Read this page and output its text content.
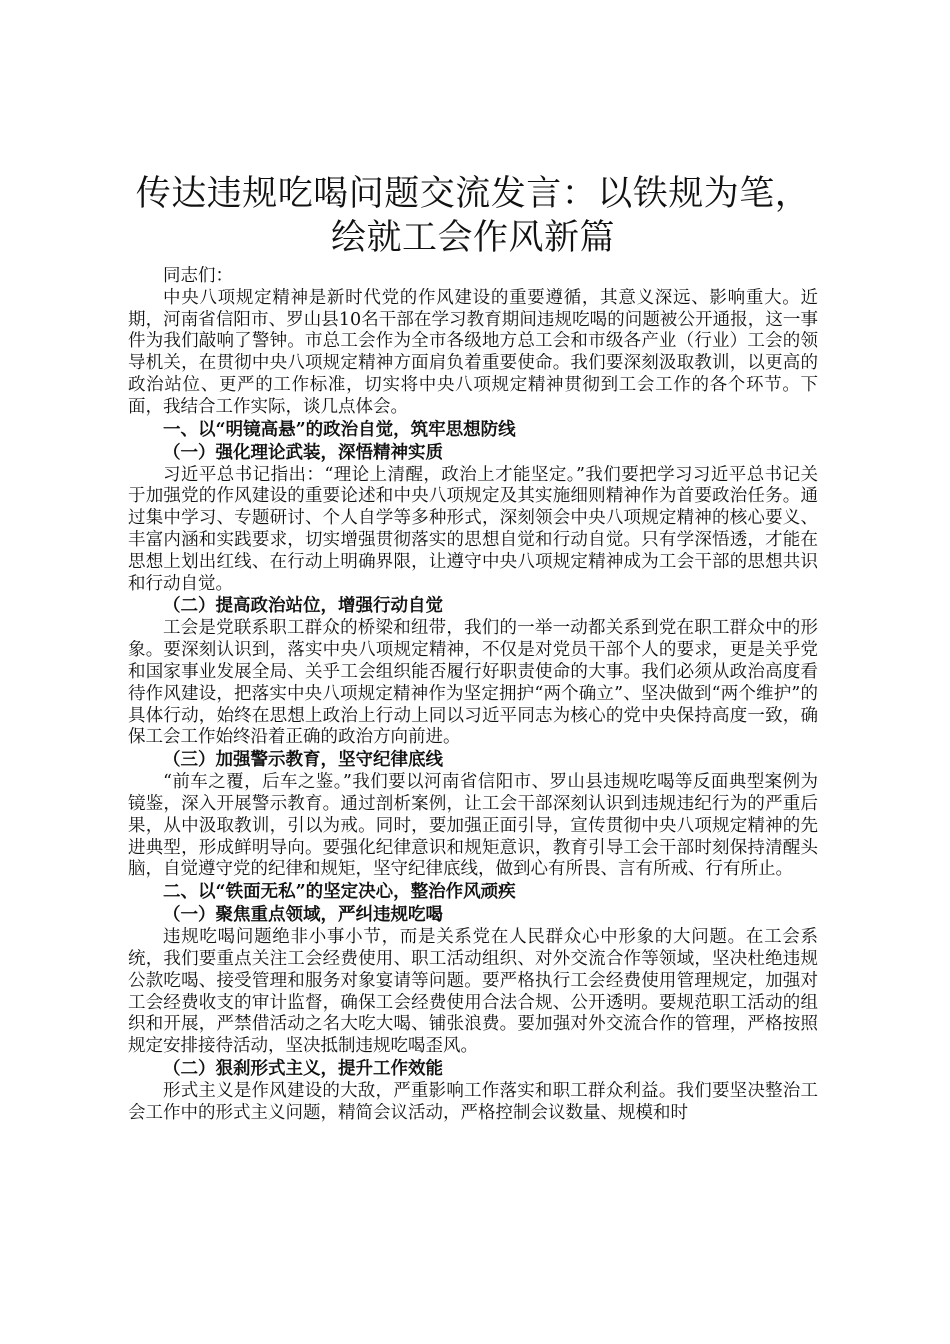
传达违规吃喝问题交流发言：以铁规为笔，绘就工会作风新篇

同志们：

中央八项规定精神是新时代党的作风建设的重要遵循，其意义深远、影响重大。近期，河南省信阳市、罗山县10名干部在学习教育期间违规吃喝的问题被公开通报，这一事件为我们敲响了警钟。市总工会作为全市各级地方总工会和市级各产业（行业）工会的领导机关，在贯彻中央八项规定精神方面肩负着重要使命。我们要深刻汲取教训，以更高的政治站位、更严的工作标准，切实将中央八项规定精神贯彻到工会工作的各个环节。下面，我结合工作实际，谈几点体会。

一、以“明镜高悬”的政治自觉，筑牢思想防线

（一）强化理论武装，深悟精神实质

习近平总书记指出：“理论上清醒，政治上才能坚定。”我们要把学习习近平总书记关于加强党的作风建设的重要论述和中央八项规定及其实施细则精神作为首要政治任务。通过集中学习、专题研讨、个人自学等多种形式，深刻领会中央八项规定精神的核心要义、丰富内涵和实践要求，切实增强贯彻落实的思想自觉和行动自觉。只有学深悟透，才能在思想上划出红线、在行动上明确界限，让遵守中央八项规定精神成为工会干部的思想共识和行动自觉。

（二）提高政治站位，增强行动自觉

工会是党联系职工群众的桥梁和纽带，我们的一举一动都关系到党在职工群众中的形象。要深刻认识到，落实中央八项规定精神，不仅是对党员干部个人的要求，更是关乎党和国家事业发展全局、关乎工会组织能否履行好职责使命的大事。我们必须从政治高度看待作风建设，把落实中央八项规定精神作为坚定拥护“两个确立”、坚决做到“两个维护”的具体行动，始终在思想上政治上行动上同以习近平同志为核心的党中央保持高度一致，确保工会工作始终沿着正确的政治方向前进。

（三）加强警示教育，坚守纪律底线

“前车之覆，后车之鉴。”我们要以河南省信阳市、罗山县违规吃喝等反面典型案例为镜鉴，深入开展警示教育。通过剖析案例，让工会干部深刻认识到违规违纪行为的严重后果，从中汲取教训，引以为戒。同时，要加强正面引导，宣传贯彻中央八项规定精神的先进典型，形成鲜明导向。要强化纪律意识和规矩意识，教育引导工会干部时刻保持清醒头脑，自觉遵守党的纪律和规矩，坚守纪律底线，做到心有所畏、言有所戒、行有所止。

二、以“铁面无私”的坚定决心，整治作风顽疾

（一）聚焦重点领域，严纠违规吃喝

违规吃喝问题绝非小事小节，而是关系党在人民群众心中形象的大问题。在工会系统，我们要重点关注工会经费使用、职工活动组织、对外交流合作等领域，坚决杜绝违规公款吃喝、接受管理和服务对象宴请等问题。要严格执行工会经费使用管理规定，加强对工会经费收支的审计监督，确保工会经费使用合法合规、公开透明。要规范职工活动的组织和开展，严禁借活动之名大吃大喝、铺张浪费。要加强对外交流合作的管理，严格按照规定安排接待活动，坚决抵制违规吃喝歪风。

（二）狠刹形式主义，提升工作效能

形式主义是作风建设的大敌，严重影响工作落实和职工群众利益。我们要坚决整治工会工作中的形式主义问题，精简会议活动，严格控制会议数量、规模和时
